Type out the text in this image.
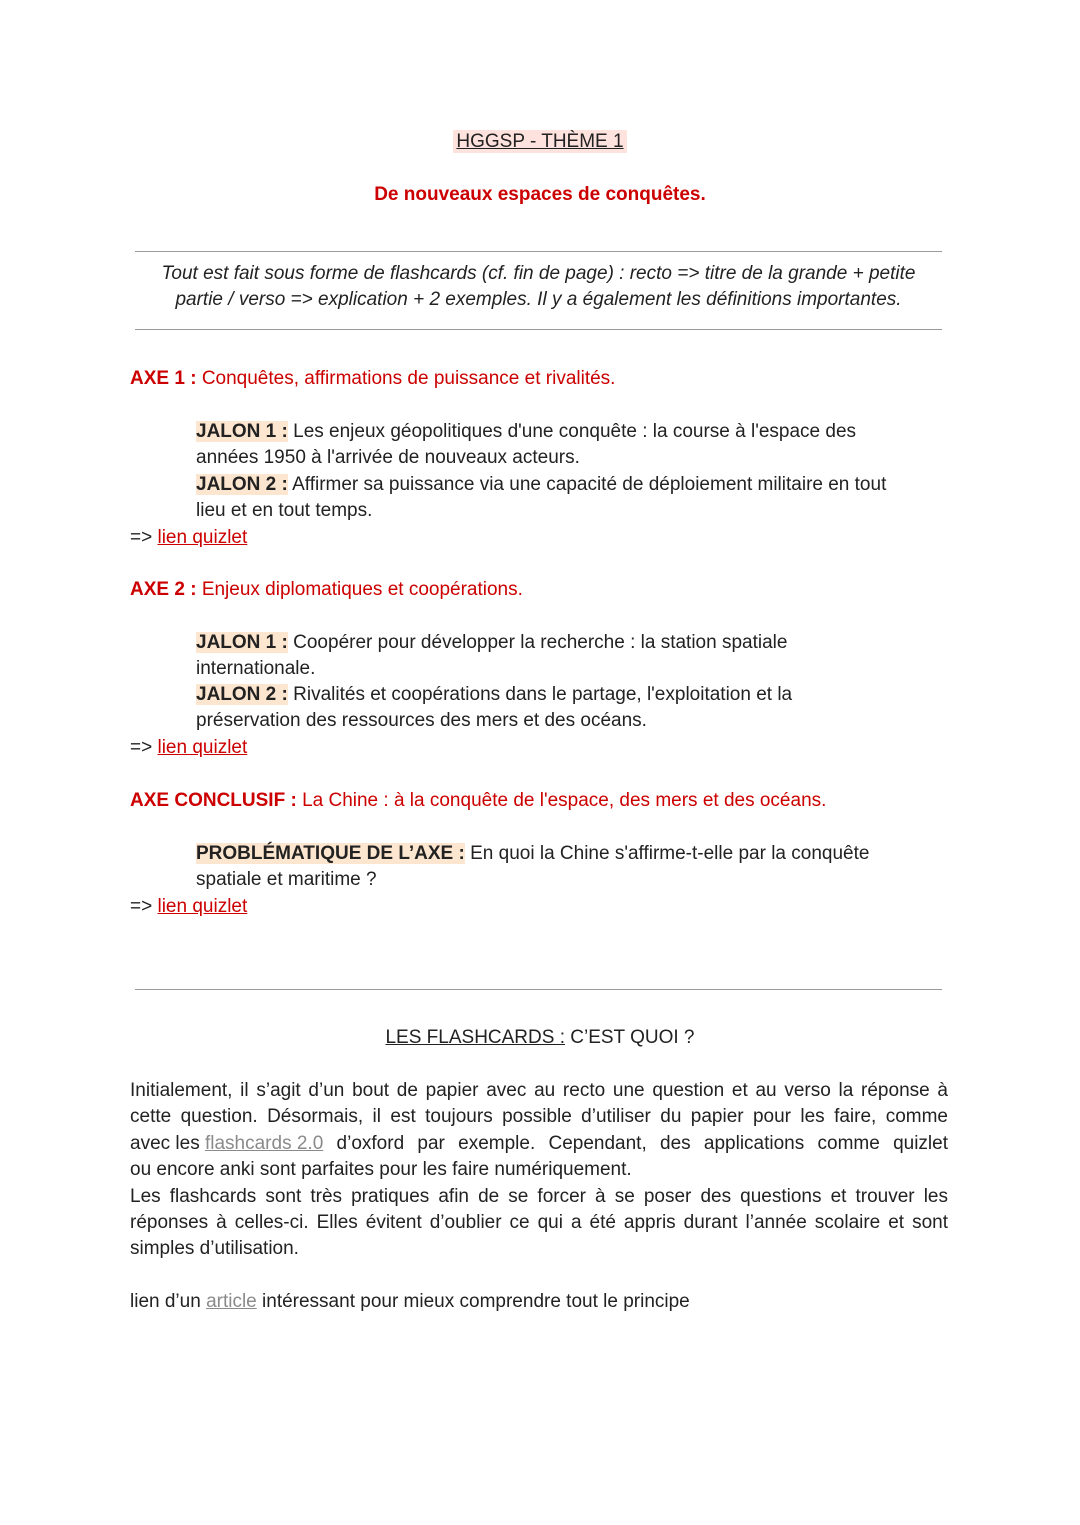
HGGSP - THÈME 1
De nouveaux espaces de conquêtes.
Tout est fait sous forme de flashcards (cf. fin de page) : recto => titre de la grande + petite
partie / verso => explication + 2 exemples. Il y a également les définitions importantes.
AXE 1 : Conquêtes, affirmations de puissance et rivalités.
JALON 1 : Les enjeux géopolitiques d'une conquête : la course à l'espace des
années 1950 à l'arrivée de nouveaux acteurs.
JALON 2 : Affirmer sa puissance via une capacité de déploiement militaire en tout
lieu et en tout temps.
=> lien quizlet
AXE 2 : Enjeux diplomatiques et coopérations.
JALON 1 : Coopérer pour développer la recherche : la station spatiale
internationale.
JALON 2 : Rivalités et coopérations dans le partage, l'exploitation et la
préservation des ressources des mers et des océans.
=> lien quizlet
AXE CONCLUSIF : La Chine : à la conquête de l'espace, des mers et des océans.
PROBLÉMATIQUE DE L’AXE : En quoi la Chine s'affirme-t-elle par la conquête
spatiale et maritime ?
=> lien quizlet
LES FLASHCARDS : C’EST QUOI ?
Initialement, il s’agit d’un bout de papier avec au recto une question et au verso la réponse à
cette question. Désormais, il est toujours possible d’utiliser du papier pour les faire, comme
avec les flashcards 2.0 d’oxford par exemple. Cependant, des applications comme quizlet
ou encore anki sont parfaites pour les faire numériquement.
Les flashcards sont très pratiques afin de se forcer à se poser des questions et trouver les
réponses à celles-ci. Elles évitent d’oublier ce qui a été appris durant l’année scolaire et sont
simples d’utilisation.
lien d’un article intéressant pour mieux comprendre tout le principe
